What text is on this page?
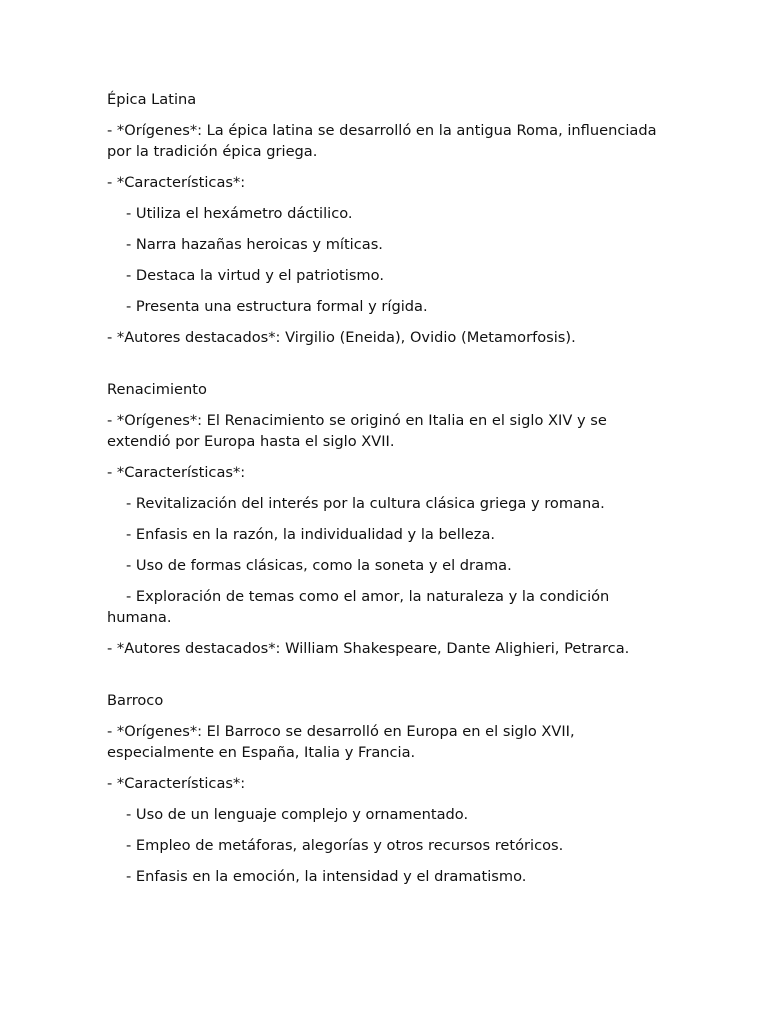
Épica Latina
- *Orígenes*: La épica latina se desarrolló en la antigua Roma, influenciada por la tradición épica griega.
- *Características*:
- Utiliza el hexámetro dáctilico.
- Narra hazañas heroicas y míticas.
- Destaca la virtud y el patriotismo.
- Presenta una estructura formal y rígida.
- *Autores destacados*: Virgilio (Eneida), Ovidio (Metamorfosis).
Renacimiento
- *Orígenes*: El Renacimiento se originó en Italia en el siglo XIV y se extendió por Europa hasta el siglo XVII.
- *Características*:
- Revitalización del interés por la cultura clásica griega y romana.
- Enfasis en la razón, la individualidad y la belleza.
- Uso de formas clásicas, como la soneta y el drama.
- Exploración de temas como el amor, la naturaleza y la condición humana.
- *Autores destacados*: William Shakespeare, Dante Alighieri, Petrarca.
Barroco
- *Orígenes*: El Barroco se desarrolló en Europa en el siglo XVII, especialmente en España, Italia y Francia.
- *Características*:
- Uso de un lenguaje complejo y ornamentado.
- Empleo de metáforas, alegorías y otros recursos retóricos.
- Enfasis en la emoción, la intensidad y el dramatismo.
